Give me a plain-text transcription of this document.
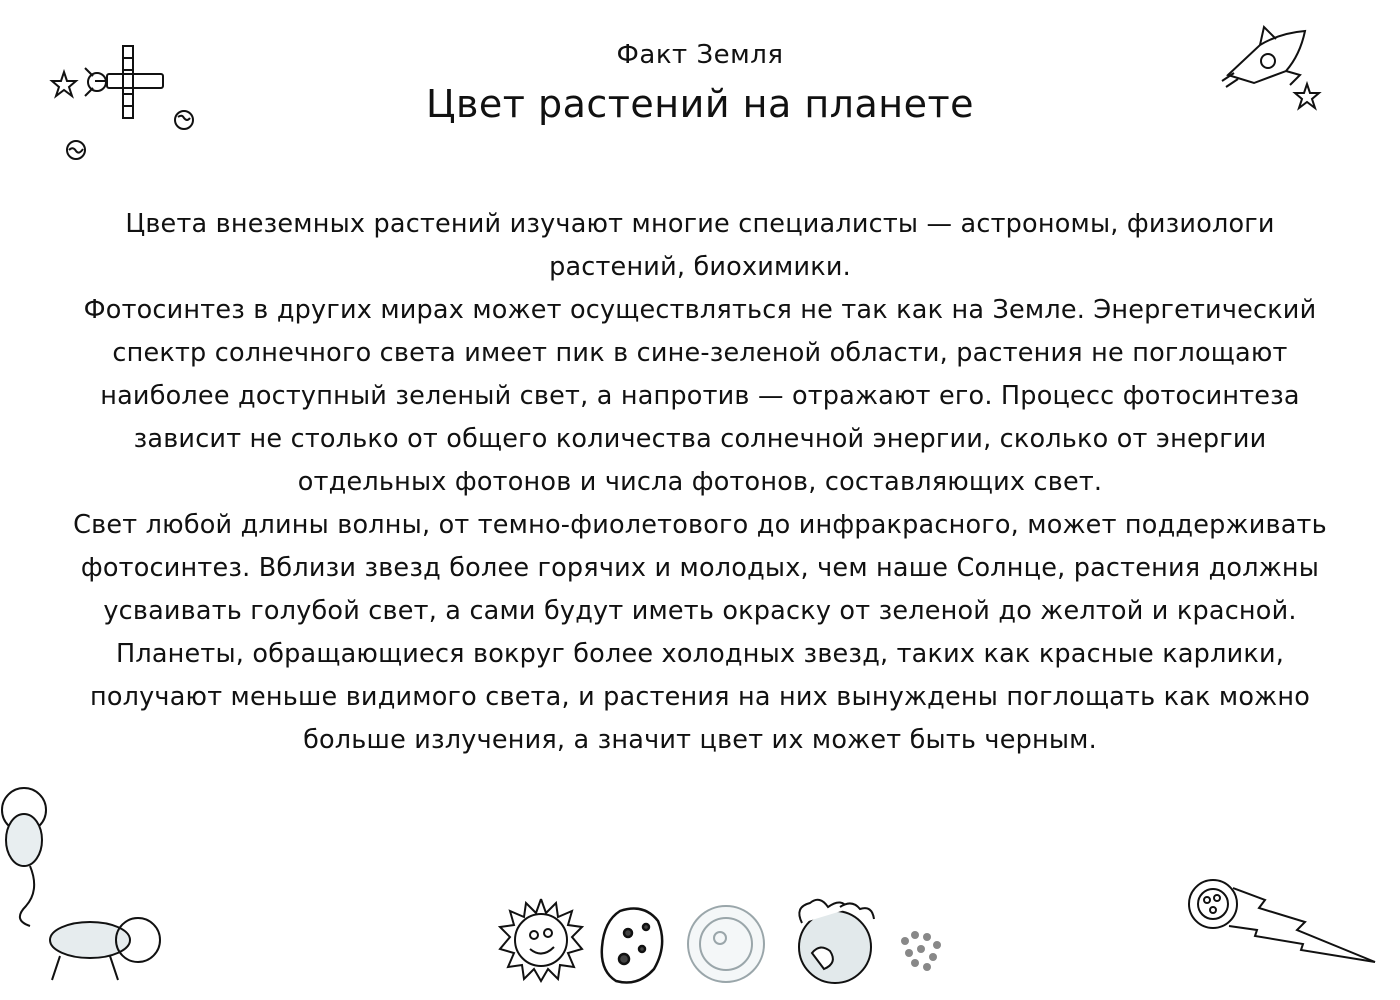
Факт Земля
Цвет растений на планете

Цвета внеземных растений изучают многие специалисты — астрономы, физиологи растений, биохимики.

Фотосинтез в других мирах может осуществляться не так как на Земле. Энергетический спектр солнечного света имеет пик в сине-зеленой области, растения не поглощают наиболее доступный зеленый свет, а напротив — отражают его. Процесс фотосинтеза зависит не столько от общего количества солнечной энергии, сколько от энергии отдельных фотонов и числа фотонов, составляющих свет.

Свет любой длины волны, от темно-фиолетового до инфракрасного, может поддерживать фотосинтез. Вблизи звезд более горячих и молодых, чем наше Солнце, растения должны усваивать голубой свет, а сами будут иметь окраску от зеленой до желтой и красной. Планеты, обращающиеся вокруг более холодных звезд, таких как красные карлики, получают меньше видимого света, и растения на них вынуждены поглощать как можно больше излучения, а значит цвет их может быть черным.
